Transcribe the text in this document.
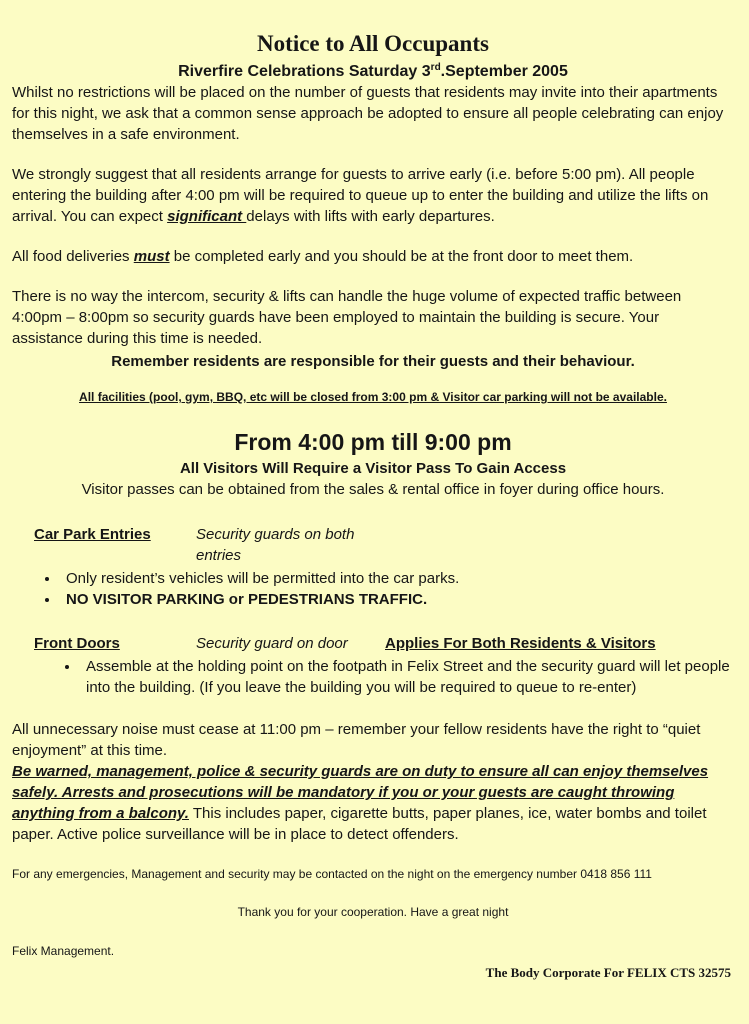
Notice to All Occupants
Riverfire Celebrations Saturday 3rd.September 2005

Whilst no restrictions will be placed on the number of guests that residents may invite into their apartments for this night, we ask that a common sense approach be adopted to ensure all people celebrating can enjoy themselves in a safe environment.

We strongly suggest that all residents arrange for guests to arrive early (i.e. before 5:00 pm). All people entering the building after 4:00 pm will be required to queue up to enter the building and utilize the lifts on arrival. You can expect significant delays with lifts with early departures.

All food deliveries must be completed early and you should be at the front door to meet them.

There is no way the intercom, security & lifts can handle the huge volume of expected traffic between 4:00pm – 8:00pm so security guards have been employed to maintain the building is secure. Your assistance during this time is needed.

Remember residents are responsible for their guests and their behaviour.

All facilities (pool, gym, BBQ, etc will be closed from 3:00 pm & Visitor car parking will not be available.

From 4:00 pm till 9:00 pm

All Visitors Will Require a Visitor Pass To Gain Access

Visitor passes can be obtained from the sales & rental office in foyer during office hours.

Car Park Entries	Security guards on both entries
• Only resident’s vehicles will be permitted into the car parks.
• NO VISITOR PARKING or PEDESTRIANS TRAFFIC.
Front Doors	Security guard on door	Applies For Both Residents & Visitors
• Assemble at the holding point on the footpath in Felix Street and the security guard will let people into the building. (If you leave the building you will be required to queue to re-enter)

All unnecessary noise must cease at 11:00 pm – remember your fellow residents have the right to “quiet enjoyment” at this time.

Be warned, management, police & security guards are on duty to ensure all can enjoy themselves safely. Arrests and prosecutions will be mandatory if you or your guests are caught throwing anything from a balcony. This includes paper, cigarette butts, paper planes, ice, water bombs and toilet paper. Active police surveillance will be in place to detect offenders.

For any emergencies, Management and security may be contacted on the night on the emergency number 0418 856 111

Thank you for your cooperation. Have a great night

Felix Management.

The Body Corporate For FELIX CTS 32575
